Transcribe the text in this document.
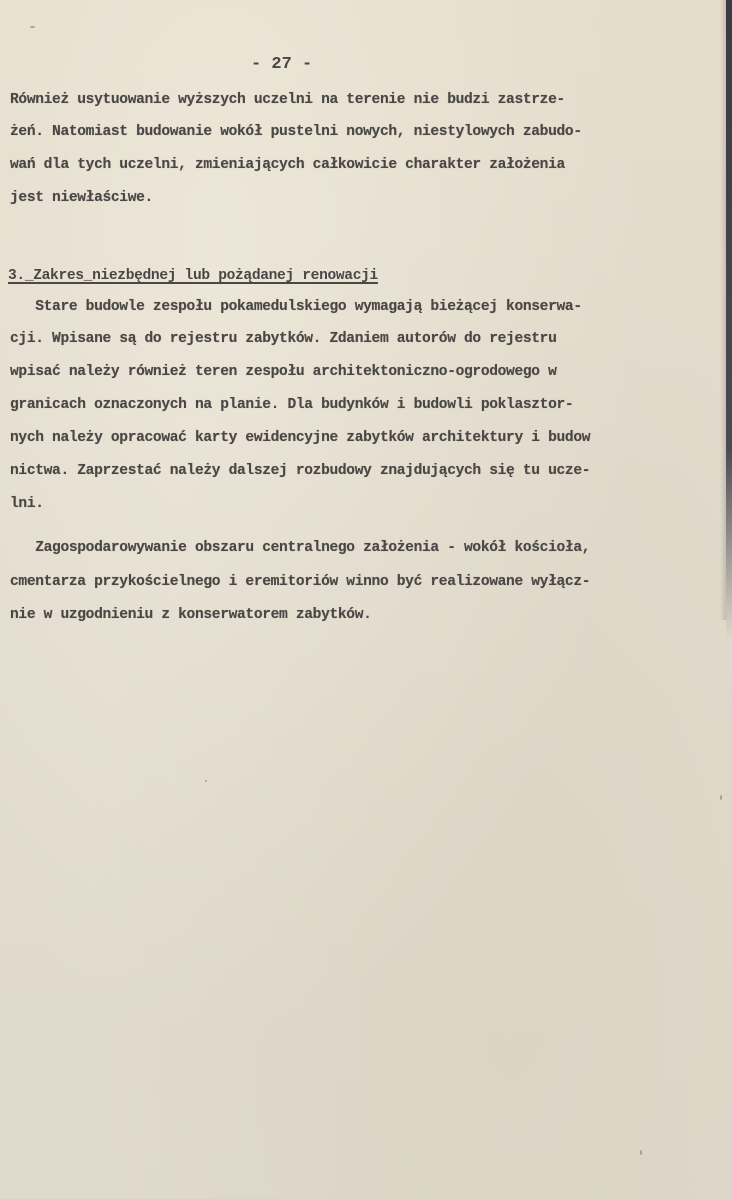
- 27 -
Również usytuowanie wyższych uczelni na terenie nie budzi zastrze-
żeń. Natomiast budowanie wokół pustelni nowych, niestylowych zabudo-
wań dla tych uczelni, zmieniających całkowicie charakter założenia
jest niewłaściwe.
3._Zakres_niezbędnej lub pożądanej renowacji
Stare budowle zespołu pokamedulskiego wymagają bieżącej konserwa-
cji. Wpisane są do rejestru zabytków. Zdaniem autorów do rejestru
wpisać należy również teren zespołu architektoniczno-ogrodowego w
granicach oznaczonych na planie. Dla budynków i budowli poklasztor-
nych należy opracować karty ewidencyjne zabytków architektury i budow
nictwa. Zaprzestać należy dalszej rozbudowy znajdujących się tu ucze-
lni.
Zagospodarowywanie obszaru centralnego założenia - wokół kościoła,
cmentarza przykościelnego i eremitoriów winno być realizowane wyłącz-
nie w uzgodnieniu z konserwatorem zabytków.
